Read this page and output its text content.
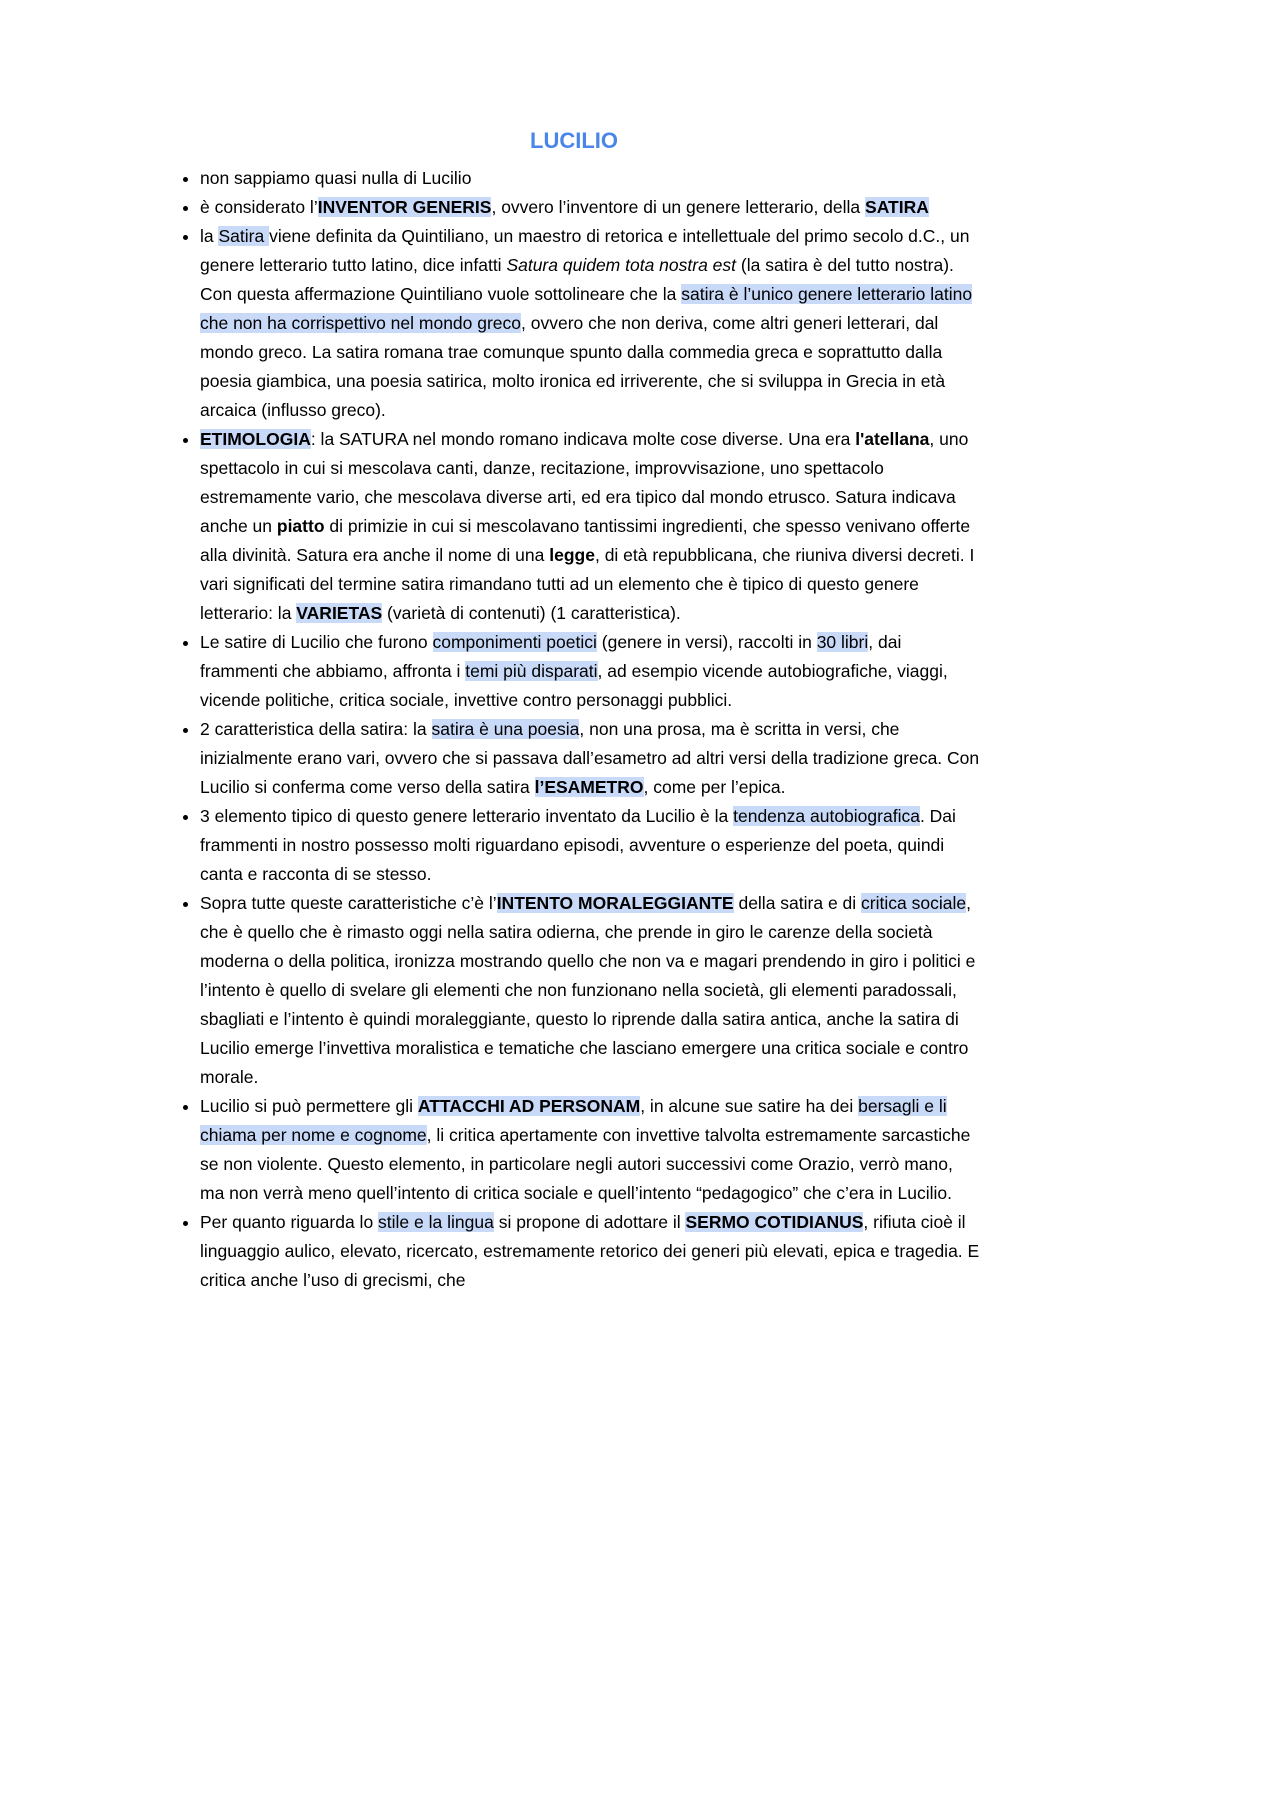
LUCILIO
• non sappiamo quasi nulla di Lucilio
• è considerato l’INVENTOR GENERIS, ovvero l’inventore di un genere letterario, della SATIRA
• la Satira viene definita da Quintiliano, un maestro di retorica e intellettuale del primo secolo d.C., un genere letterario tutto latino, dice infatti Satura quidem tota nostra est (la satira è del tutto nostra). Con questa affermazione Quintiliano vuole sottolineare che la satira è l’unico genere letterario latino che non ha corrispettivo nel mondo greco, ovvero che non deriva, come altri generi letterari, dal mondo greco. La satira romana trae comunque spunto dalla commedia greca e soprattutto dalla poesia giambica, una poesia satirica, molto ironica ed irriverente, che si sviluppa in Grecia in età arcaica (influsso greco).
• ETIMOLOGIA: la SATURA nel mondo romano indicava molte cose diverse. Una era l'atellana, uno spettacolo in cui si mescolava canti, danze, recitazione, improvvisazione, uno spettacolo estremamente vario, che mescolava diverse arti, ed era tipico dal mondo etrusco. Satura indicava anche un piatto di primizie in cui si mescolavano tantissimi ingredienti, che spesso venivano offerte alla divinità. Satura era anche il nome di una legge, di età repubblicana, che riuniva diversi decreti. I vari significati del termine satira rimandano tutti ad un elemento che è tipico di questo genere letterario: la VARIETAS (varietà di contenuti) (1 caratteristica).
• Le satire di Lucilio che furono componimenti poetici (genere in versi), raccolti in 30 libri, dai frammenti che abbiamo, affronta i temi più disparati, ad esempio vicende autobiografiche, viaggi, vicende politiche, critica sociale, invettive contro personaggi pubblici.
• 2 caratteristica della satira: la satira è una poesia, non una prosa, ma è scritta in versi, che inizialmente erano vari, ovvero che si passava dall’esametro ad altri versi della tradizione greca. Con Lucilio si conferma come verso della satira l’ESAMETRO, come per l’epica.
• 3 elemento tipico di questo genere letterario inventato da Lucilio è la tendenza autobiografica. Dai frammenti in nostro possesso molti riguardano episodi, avventure o esperienze del poeta, quindi canta e racconta di se stesso.
• Sopra tutte queste caratteristiche c’è l’INTENTO MORALEGGIANTE della satira e di critica sociale, che è quello che è rimasto oggi nella satira odierna, che prende in giro le carenze della società moderna o della politica, ironizza mostrando quello che non va e magari prendendo in giro i politici e l’intento è quello di svelare gli elementi che non funzionano nella società, gli elementi paradossali, sbagliati e l’intento è quindi moraleggiante, questo lo riprende dalla satira antica, anche la satira di Lucilio emerge l’invettiva moralistica e tematiche che lasciano emergere una critica sociale e contro morale.
• Lucilio si può permettere gli ATTACCHI AD PERSONAM, in alcune sue satire ha dei bersagli e li chiama per nome e cognome, li critica apertamente con invettive talvolta estremamente sarcastiche se non violente. Questo elemento, in particolare negli autori successivi come Orazio, verrò mano, ma non verrà meno quell’intento di critica sociale e quell’intento “pedagogico” che c’era in Lucilio.
• Per quanto riguarda lo stile e la lingua si propone di adottare il SERMO COTIDIANUS, rifiuta cioè il linguaggio aulico, elevato, ricercato, estremamente retorico dei generi più elevati, epica e tragedia. E critica anche l’uso di grecismi, che
